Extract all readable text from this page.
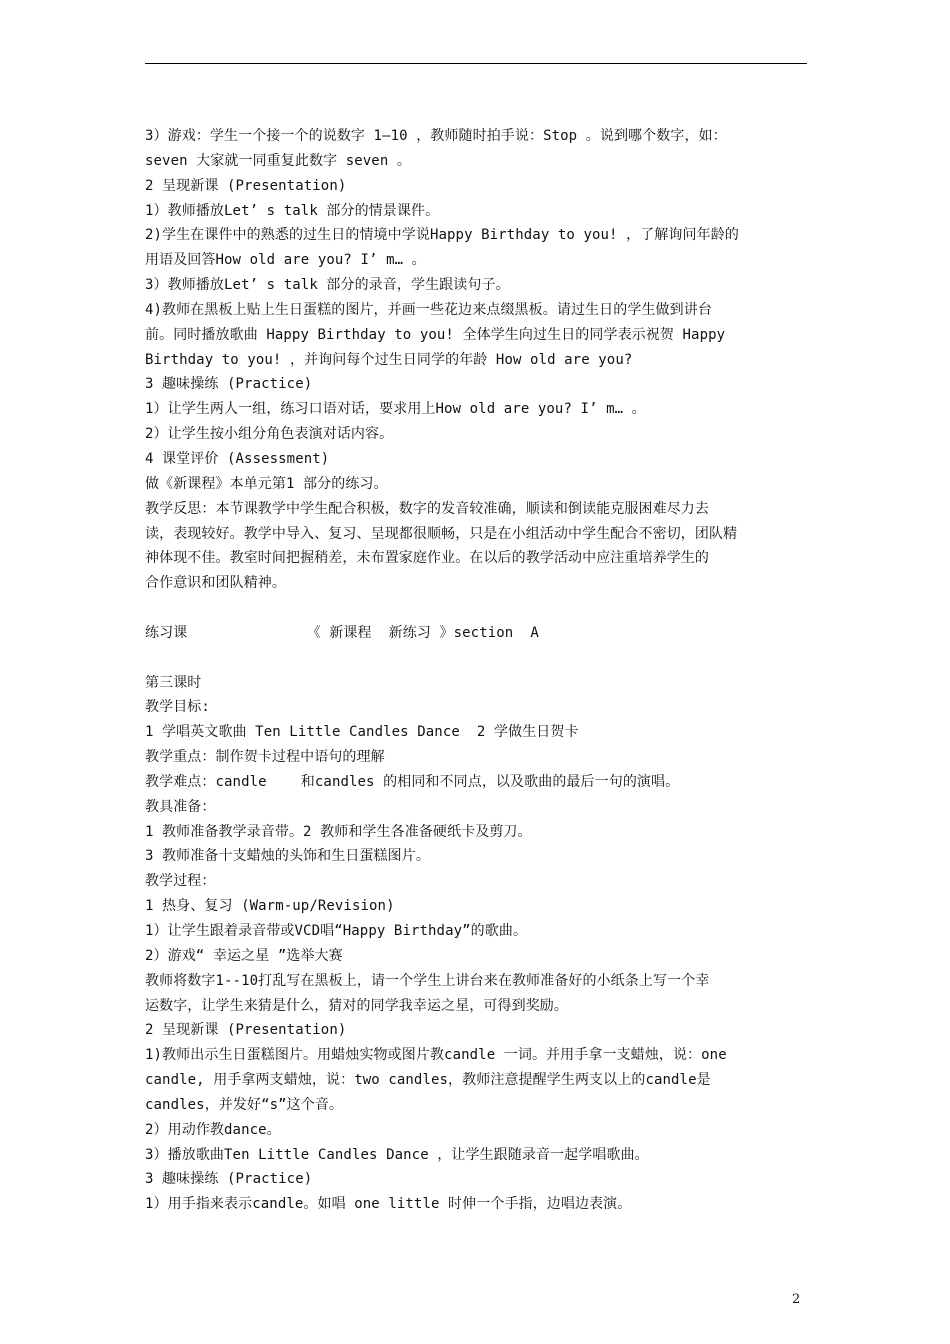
3）游戏：学生一个接一个的说数字 1—10 ，教师随时拍手说：Stop 。说到哪个数字，如：
seven 大家就一同重复此数字 seven 。
2 呈现新课 (Presentation)
1）教师播放Let’ s talk 部分的情景课件。
2)学生在课件中的熟悉的过生日的情境中学说Happy Birthday to you! ，了解询问年龄的
用语及回答How old are you? I’ m… 。
3）教师播放Let’ s talk 部分的录音，学生跟读句子。
4)教师在黑板上贴上生日蛋糕的图片，并画一些花边来点缀黑板。请过生日的学生做到讲台
前。同时播放歌曲 Happy Birthday to you! 全体学生向过生日的同学表示祝贺 Happy
Birthday to you! ，并询问每个过生日同学的年龄 How old are you?
3 趣味操练 (Practice)
1）让学生两人一组，练习口语对话，要求用上How old are you? I’ m… 。
2）让学生按小组分角色表演对话内容。
4 课堂评价 (Assessment)
做《新课程》本单元第1 部分的练习。
教学反思：本节课教学中学生配合积极，数字的发音较准确，顺读和倒读能克服困难尽力去
读，表现较好。教学中导入、复习、呈现都很顺畅，只是在小组活动中学生配合不密切，团队精
神体现不佳。教室时间把握稍差，未布置家庭作业。在以后的教学活动中应注重培养学生的
合作意识和团队精神。
练习课              《 新课程  新练习 》section  A
第三课时
教学目标:
1 学唱英文歌曲 Ten Little Candles Dance  2 学做生日贺卡
教学重点：制作贺卡过程中语句的理解
教学难点：candle    和candles 的相同和不同点，以及歌曲的最后一句的演唱。
教具准备：
1 教师准备教学录音带。2 教师和学生各准备硬纸卡及剪刀。
3 教师准备十支蜡烛的头饰和生日蛋糕图片。
教学过程：
1 热身、复习 (Warm-up/Revision)
1）让学生跟着录音带或VCD唱“Happy Birthday”的歌曲。
2）游戏“ 幸运之星 ”选举大赛
教师将数字1--10打乱写在黑板上，请一个学生上讲台来在教师准备好的小纸条上写一个幸
运数字，让学生来猜是什么，猜对的同学我幸运之星，可得到奖励。
2 呈现新课 (Presentation)
1)教师出示生日蛋糕图片。用蜡烛实物或图片教candle 一词。并用手拿一支蜡烛，说：one
candle, 用手拿两支蜡烛，说：two candles，教师注意提醒学生两支以上的candle是
candles，并发好“s”这个音。
2）用动作教dance。
3）播放歌曲Ten Little Candles Dance ，让学生跟随录音一起学唱歌曲。
3 趣味操练 (Practice)
1）用手指来表示candle。如唱 one little 时伸一个手指，边唱边表演。
2
